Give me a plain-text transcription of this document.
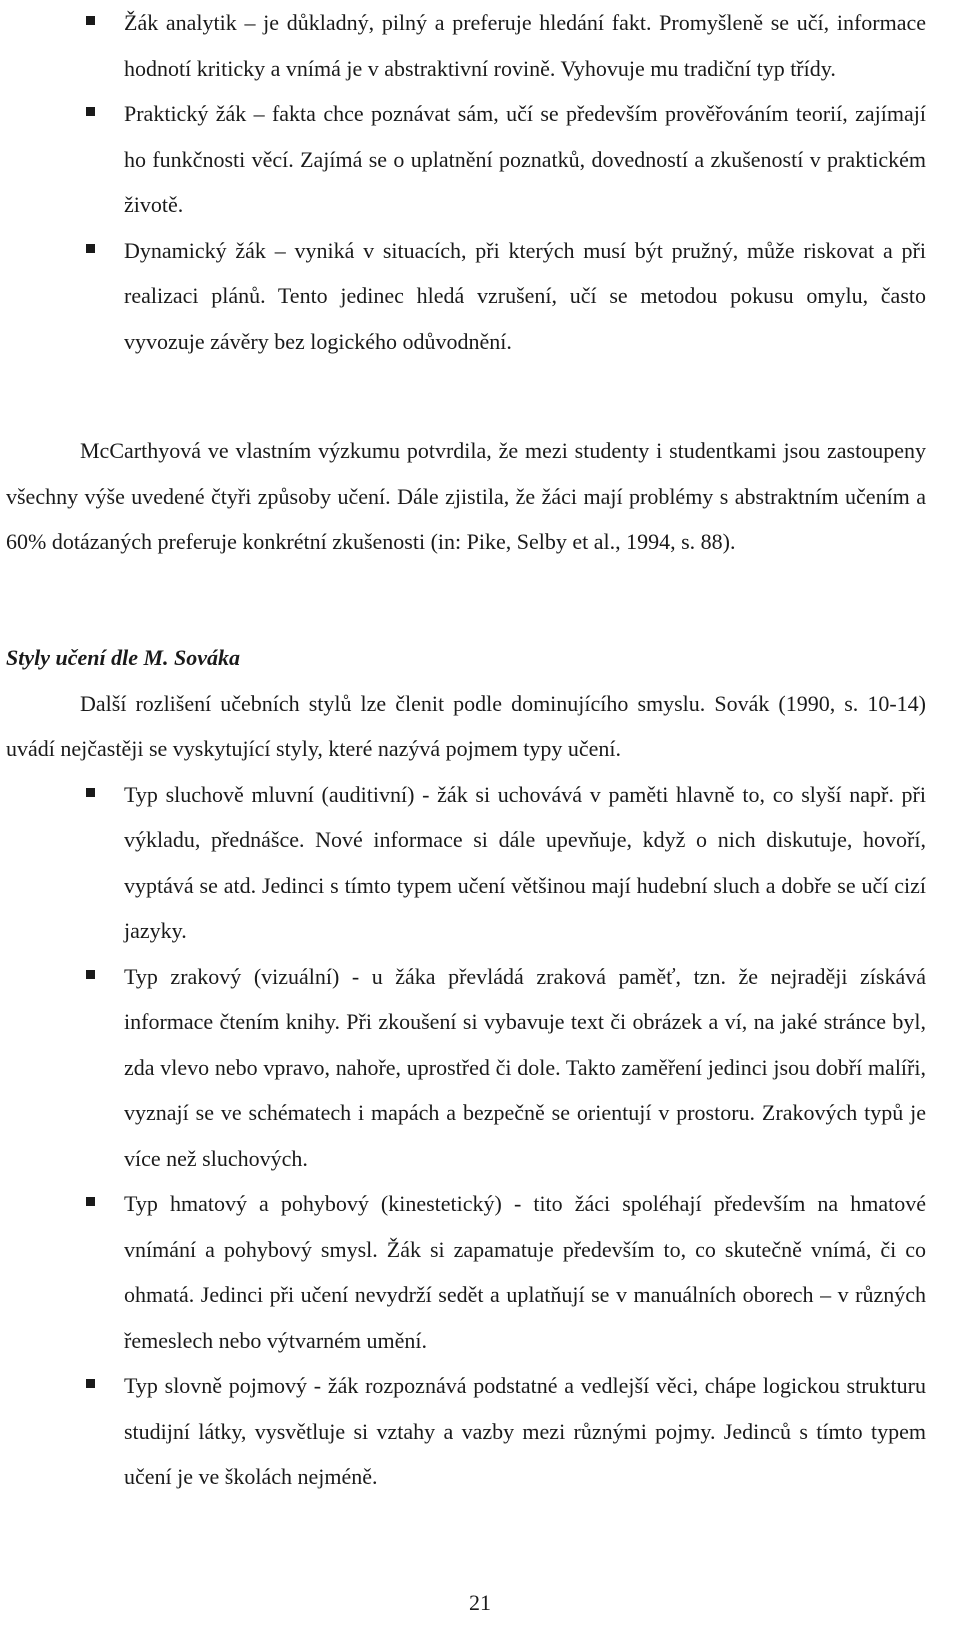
Žák analytik – je důkladný, pilný a preferuje hledání fakt. Promyšleně se učí, informace hodnotí kriticky a vnímá je v abstraktivní rovině. Vyhovuje mu tradiční typ třídy.
Praktický žák – fakta chce poznávat sám, učí se především prověřováním teorií, zajímají ho funkčnosti věcí. Zajímá se o uplatnění poznatků, dovedností a zkušeností v praktickém životě.
Dynamický žák – vyniká v situacích, při kterých musí být pružný, může riskovat a při realizaci plánů. Tento jedinec hledá vzrušení, učí se metodou pokusu omylu, často vyvozuje závěry bez logického odůvodnění.

McCarthyová ve vlastním výzkumu potvrdila, že mezi studenty i studentkami jsou zastoupeny všechny výše uvedené čtyři způsoby učení. Dále zjistila, že žáci mají problémy s abstraktním učením a 60% dotázaných preferuje konkrétní zkušenosti (in: Pike, Selby et al., 1994, s. 88).

Styly učení dle M. Sováka

Další rozlišení učebních stylů lze členit podle dominujícího smyslu. Sovák (1990, s. 10-14) uvádí nejčastěji se vyskytující styly, které nazývá pojmem typy učení.

Typ sluchově mluvní (auditivní) - žák si uchovává v paměti hlavně to, co slyší např. při výkladu, přednášce. Nové informace si dále upevňuje, když o nich diskutuje, hovoří, vyptává se atd. Jedinci s tímto typem učení většinou mají hudební sluch a dobře se učí cizí jazyky.
Typ zrakový (vizuální) - u žáka převládá zraková paměť, tzn. že nejraději získává informace čtením knihy. Při zkoušení si vybavuje text či obrázek a ví, na jaké stránce byl, zda vlevo nebo vpravo, nahoře, uprostřed či dole. Takto zaměření jedinci jsou dobří malíři, vyznají se ve schématech i mapách a bezpečně se orientují v prostoru. Zrakových typů je více než sluchových.
Typ hmatový a pohybový (kinestetický) - tito žáci spoléhají především na hmatové vnímání a pohybový smysl. Žák si zapamatuje především to, co skutečně vnímá, či co ohmatá. Jedinci při učení nevydrží sedět a uplatňují se v manuálních oborech – v různých řemeslech nebo výtvarném umění.
Typ slovně pojmový - žák rozpoznává podstatné a vedlejší věci, chápe logickou strukturu studijní látky, vysvětluje si vztahy a vazby mezi různými pojmy. Jedinců s tímto typem učení je ve školách nejméně.
21
